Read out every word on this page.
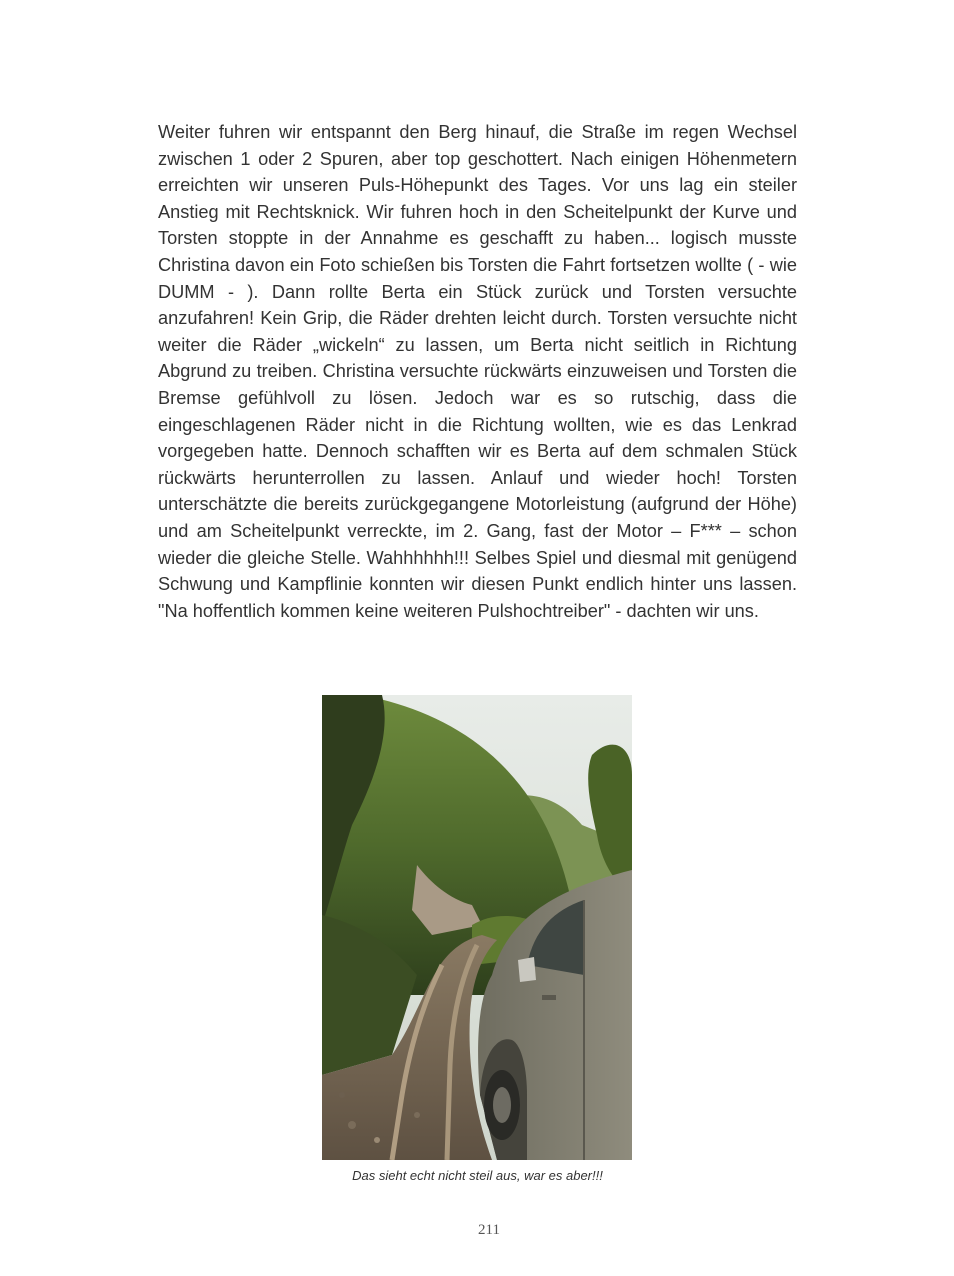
Weiter fuhren wir entspannt den Berg hinauf, die Straße im regen Wechsel zwischen 1 oder 2 Spuren, aber top geschottert. Nach einigen Höhenmetern erreichten wir unseren Puls-Höhepunkt des Tages. Vor uns lag ein steiler Anstieg mit Rechtsknick. Wir fuhren hoch in den Scheitelpunkt der Kurve und Torsten stoppte in der Annahme es geschafft zu haben... logisch musste Christina davon ein Foto schießen bis Torsten die Fahrt fortsetzen wollte ( - wie DUMM - ). Dann rollte Berta ein Stück zurück und Torsten versuchte anzufahren! Kein Grip, die Räder drehten leicht durch. Torsten versuchte nicht weiter die Räder „wickeln“ zu lassen, um Berta nicht seitlich in Richtung Abgrund zu treiben. Christina versuchte rückwärts einzuweisen und Torsten die Bremse gefühlvoll zu lösen. Jedoch war es so rutschig, dass die eingeschlagenen Räder nicht in die Richtung wollten, wie es das Lenkrad vorgegeben hatte. Dennoch schafften wir es Berta auf dem schmalen Stück rückwärts herunterrollen zu lassen. Anlauf und wieder hoch! Torsten unterschätzte die bereits zurückgegangene Motorleistung (aufgrund der Höhe) und am Scheitelpunkt verreckte, im 2. Gang, fast der Motor – F*** – schon wieder die gleiche Stelle. Wahhhhhh!!! Selbes Spiel und diesmal mit genügend Schwung und Kampflinie konnten wir diesen Punkt endlich hinter uns lassen. "Na hoffentlich kommen keine weiteren Pulshochtreiber" - dachten wir uns.

Das sieht echt nicht steil aus, war es aber!!!
211
